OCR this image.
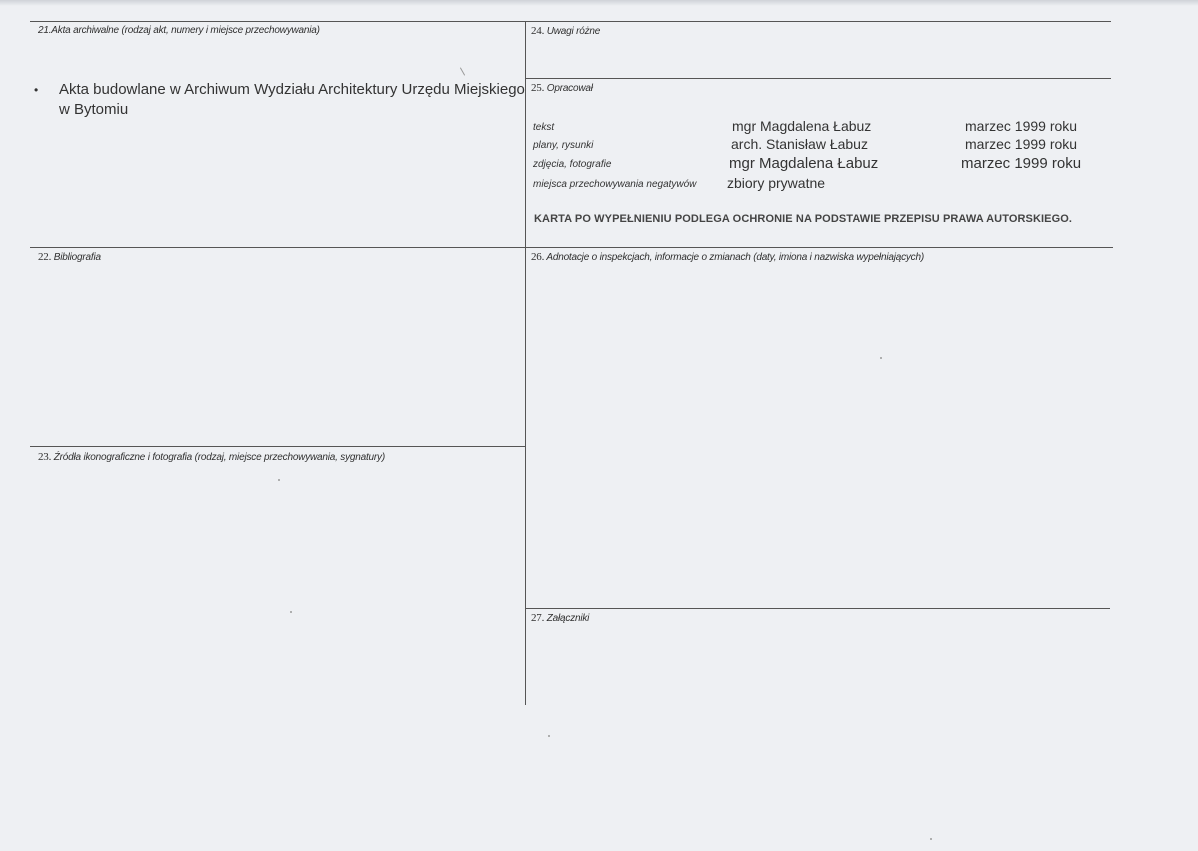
21.Akta archiwalne (rodzaj akt, numery i miejsce przechowywania)
•	Akta budowlane w Archiwum Wydziału Architektury Urzędu Miejskiego w Bytomiu
22. Bibliografia
23. Źródła ikonograficzne i fotografia (rodzaj, miejsce przechowywania, sygnatury)
24. Uwagi różne
25. Opracował
tekst	mgr Magdalena Łabuz	marzec 1999 roku
plany, rysunki	arch. Stanisław Łabuz	marzec 1999 roku
zdjęcia, fotografie	mgr Magdalena Łabuz	marzec 1999 roku
miejsca przechowywania negatywów zbiory prywatne
KARTA PO WYPEŁNIENIU PODLEGA OCHRONIE NA PODSTAWIE PRZEPISU PRAWA AUTORSKIEGO.
26. Adnotacje o inspekcjach, informacje o zmianach (daty, imiona i nazwiska wypełniających)
27. Załączniki
